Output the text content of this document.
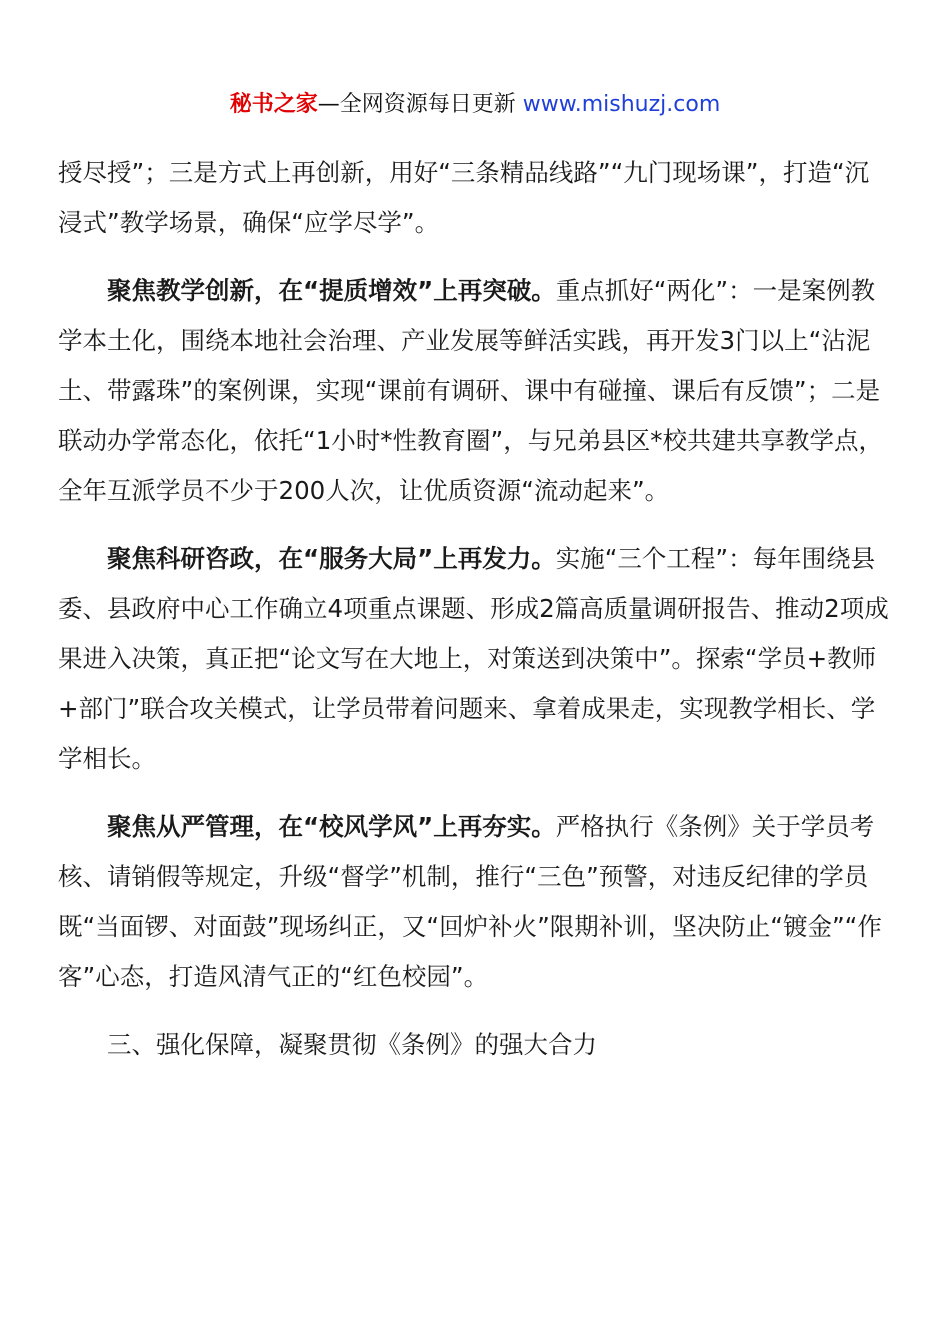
秘书之家—全网资源每日更新 www.mishuzj.com

授尽授”；三是方式上再创新，用好“三条精品线路”“九门现场课”，打造“沉浸式”教学场景，确保“应学尽学”。

聚焦教学创新，在“提质增效”上再突破。重点抓好“两化”：一是案例教学本土化，围绕本地社会治理、产业发展等鲜活实践，再开发3门以上“沾泥土、带露珠”的案例课，实现“课前有调研、课中有碰撞、课后有反馈”；二是联动办学常态化，依托“1小时*性教育圈”，与兄弟县区*校共建共享教学点，全年互派学员不少于200人次，让优质资源“流动起来”。

聚焦科研咨政，在“服务大局”上再发力。实施“三个工程”：每年围绕县委、县政府中心工作确立4项重点课题、形成2篇高质量调研报告、推动2项成果进入决策，真正把“论文写在大地上，对策送到决策中”。探索“学员+教师+部门”联合攻关模式，让学员带着问题来、拿着成果走，实现教学相长、学学相长。

聚焦从严管理，在“校风学风”上再夯实。严格执行《条例》关于学员考核、请销假等规定，升级“督学”机制，推行“三色”预警，对违反纪律的学员既“当面锣、对面鼓”现场纠正，又“回炉补火”限期补训，坚决防止“镀金”“作客”心态，打造风清气正的“红色校园”。

三、强化保障，凝聚贯彻《条例》的强大合力
